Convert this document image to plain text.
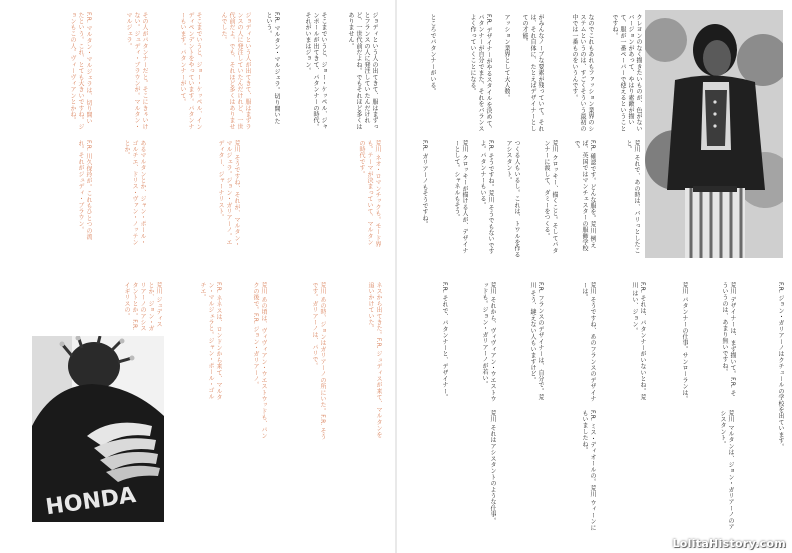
ジョディという人が出てきて、服はまずランスの人に発注していたんだけれど、一世代前だよ。でも、それほど多くはありませんでした。
そこまでいうと、ジョー・ケッペル、インディペンデントをやっています。パタンナーもいます。パタンナーがいて。
その人がパタンナーだと。そこにきゃいけない。ジュディ・ブラウンが。マルタン・マルジェラ。
F.R. マルタン・マルジェラは、切り開いたという。これ、とても大きいですね。ジョンもこの人。ヴィーヴィアンとかね。	ジョディという人の出てきて、服はまずっとフランスの人に発注していたんだけれど、一世代前だよね。でもそれほど多くはありません。
そこまでいうと、ジョー・ケッペル、ジャンポールが出てきて、パタンナーの時代。それがいまはジョン。
F.R. マルタン・マルジェラ。切り開いたという。
荒川 そうですね、それが、マルタン・マルジェラ。ジョン・ガリアーノ。エディター、ジャーナリスト。
あるマルタンとか、ジャン・ポール・ゴルチエ、ドリス・ヴァン・ノッテンとか。
F.R. 川久保玲が。これもひとつの流れ。それがジュディ・ブラウン。	荒川 ネオ・ロマンチックも。モード界も。テーマが決まっていて、マルタンの時代です。
ネスから出てきた。F.R. ジュディスが来て、マルタンを追いかけていた。
荒川 あの時、ジョンはガリアーノの所にいた。F.R. そうです。ガリアーノは、パリで。
荒川 あの頃は、ヴィヴィアン・ウエストウッドも、パンクの後で。F.R. ジョン・ガリアーノ。
F.R. ネネスは、ロンドンから来て、マルタン・マルジェラと。ジャン・ポール・ゴルチエ。
荒川 ジュディスとか、ジョン・ガリアーノのアシスタントとか。F.R. イギリスの。
HONDA
クレヨンのなく描きたいものが、色がないバージョンがあって、やはり素敵が描いて、服が一番ペーパーで使えるということですね。
なのでこれもあれもファッション業界のシステムというのは、すごくそういう最初の中では一番ものをいうんです。
がみんなノーブな要素が残っていて。それは、それ自体に、たとえばデザイナーとしての才能。
アッション業界として大人数。
F.R. デザイナーがやるスタイルを決めて、パタンナーが自分でまた、それをバランスよく作っていくことになる。
ところでパタンナーがいる。
荒川 それで、あの時は、バリっとしたこと。
F.R. 確認です。どんな服を。荒川 例えば、英国ではマンチェスターの服飾学校で。
荒川 クロッキー、描くこと。そしてパタンナーに渡して、ダミーをつくる。
つくる人もいるし。これは、トワルを作るアシスタント。
F.R. そうですね。荒川 そうでもないですよ。パタンナーもいる。
荒川 クロッキーが描ける人が、デザイナーとして。シャネルもそう。
F.R. ガリアーノもそうですね。
F.R. ジョン・ガリアーノはクチュールの学校を出ています。
荒川 デザイナーは、まず描いて。F.R. そういうのは、あまり無いですね。
荒川 パタンナーの仕事。サンローランは。
F.R. それは、パタンナーがいないとね。荒川 はい、ジョン。
荒川 そうですね、あのフランスのデザイナーは。
F.R. フランスのデザイナーは、自分で。荒川 そう、縫えない人もいますけど。
荒川 それから、ヴィヴィアン・ウエストウッドも。ジョン・ガリアーノが若い。
F.R. それで、パタンナーと、デザイナー。
荒川 マルタンは、ジョン・ガリアーノのアシスタント。
F.R. ミス・ディオールの。荒川 ウィーンにもいましたね。
荒川 それはアシスタントのような仕事。
LolitaHistory.com
